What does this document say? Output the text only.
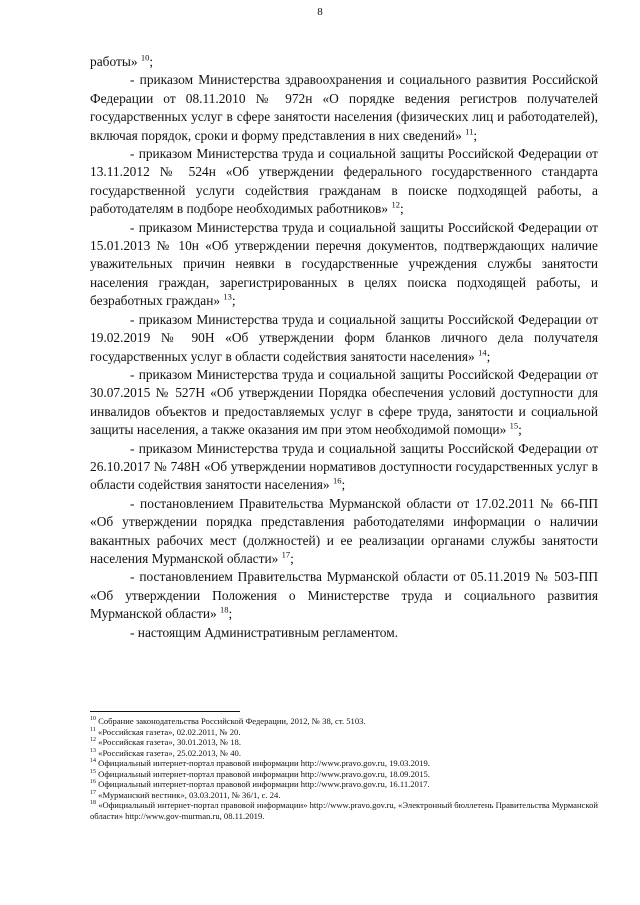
8

работы» $^{10}$;

- приказом Министерства здравоохранения и социального развития Российской Федерации от 08.11.2010 № 972н «О порядке ведения регистров получателей государственных услуг в сфере занятости населения (физических лиц и работодателей), включая порядок, сроки и форму представления в них сведений» $^{11}$;

- приказом Министерства труда и социальной защиты Российской Федерации от 13.11.2012 № 524н «Об утверждении федерального государственного стандарта государственной услуги содействия гражданам в поиске подходящей работы, а работодателям в подборе необходимых работников» $^{12}$;

- приказом Министерства труда и социальной защиты Российской Федерации от 15.01.2013 № 10н «Об утверждении перечня документов, подтверждающих наличие уважительных причин неявки в государственные учреждения службы занятости населения граждан, зарегистрированных в целях поиска подходящей работы, и безработных граждан» $^{13}$;

- приказом Министерства труда и социальной защиты Российской Федерации от 19.02.2019 № 90Н «Об утверждении форм бланков личного дела получателя государственных услуг в области содействия занятости населения» $^{14}$;

- приказом Министерства труда и социальной защиты Российской Федерации от 30.07.2015 № 527Н «Об утверждении Порядка обеспечения условий доступности для инвалидов объектов и предоставляемых услуг в сфере труда, занятости и социальной защиты населения, а также оказания им при этом необходимой помощи» $^{15}$;

- приказом Министерства труда и социальной защиты Российской Федерации от 26.10.2017 № 748Н «Об утверждении нормативов доступности государственных услуг в области содействия занятости населения» $^{16}$;

- постановлением Правительства Мурманской области от 17.02.2011 № 66-ПП «Об утверждении порядка представления работодателями информации о наличии вакантных рабочих мест (должностей) и ее реализации органами службы занятости населения Мурманской области» $^{17}$;

- постановлением Правительства Мурманской области от 05.11.2019 № 503-ПП «Об утверждении Положения о Министерстве труда и социального развития Мурманской области» $^{18}$;

- настоящим Административным регламентом.

$^{10}$ Собрание законодательства Российской Федерации, 2012, № 38, ст. 5103.

$^{11}$ «Российская газета», 02.02.2011, № 20.

$^{12}$ «Российская газета», 30.01.2013, № 18.

$^{13}$ «Российская газета», 25.02.2013, № 40.

$^{14}$ Официальный интернет-портал правовой информации http://www.pravo.gov.ru, 19.03.2019.

$^{15}$ Официальный интернет-портал правовой информации http://www.pravo.gov.ru, 18.09.2015.

$^{16}$ Официальный интернет-портал правовой информации http://www.pravo.gov.ru, 16.11.2017.

$^{17}$ «Мурманский вестник», 03.03.2011, № 36/1, с. 24.

$^{18}$ «Официальный интернет-портал правовой информации» http://www.pravo.gov.ru, «Электронный бюллетень Правительства Мурманской области» http://www.gov-murman.ru, 08.11.2019.
